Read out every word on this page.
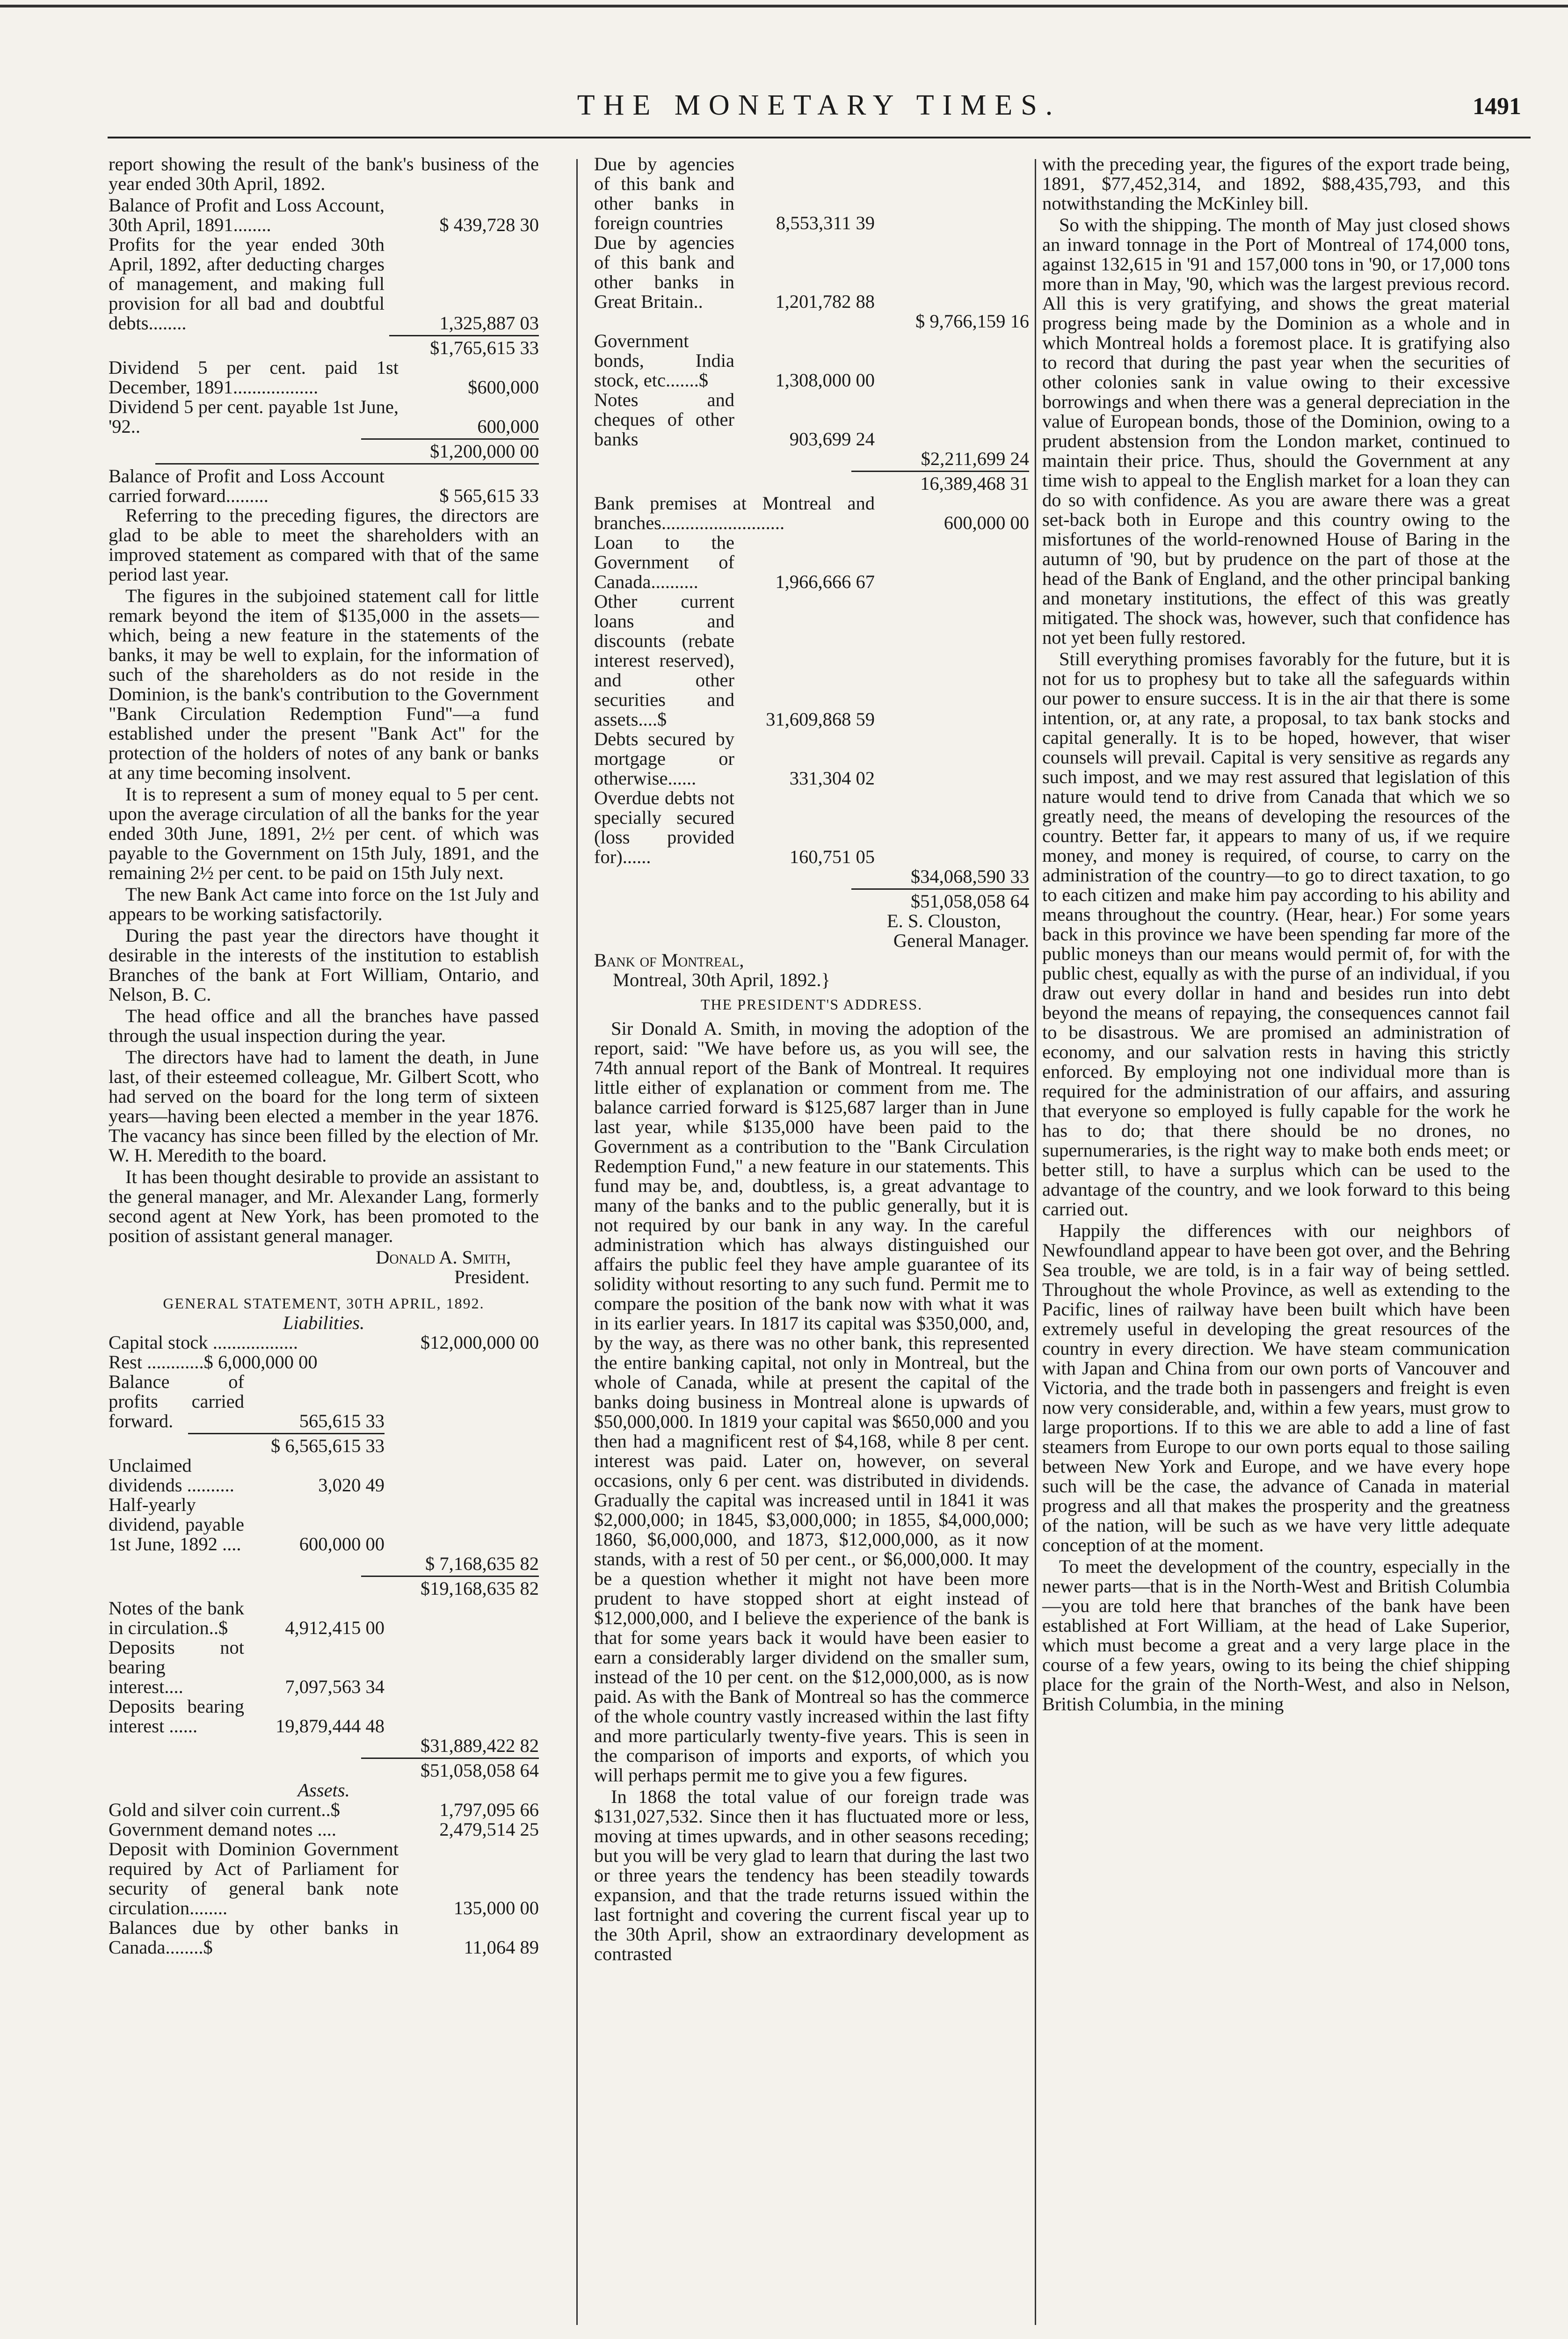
THE MONETARY TIMES.	1491

report showing the result of the bank's business of the year ended 30th April, 1892.

Balance of Profit and Loss Account, 30th April, 1891........	$ 439,728 30
Profits for the year ended 30th April, 1892, after deducting charges of management, and making full provision for all bad and doubtful debts........	1,325,887 03
$1,765,615 33
Dividend 5 per cent. paid 1st December, 1891..................	$600,000
Dividend 5 per cent. payable 1st June, '92..	600,000
$1,200,000 00
Balance of Profit and Loss Account carried forward.........	$ 565,615 33

Referring to the preceding figures, the directors are glad to be able to meet the shareholders with an improved statement as compared with that of the same period last year.

The figures in the subjoined statement call for little remark beyond the item of $135,000 in the assets—which, being a new feature in the statements of the banks, it may be well to explain, for the information of such of the shareholders as do not reside in the Dominion, is the bank's contribution to the Government "Bank Circulation Redemption Fund"—a fund established under the present "Bank Act" for the protection of the holders of notes of any bank or banks at any time becoming insolvent.

It is to represent a sum of money equal to 5 per cent. upon the average circulation of all the banks for the year ended 30th June, 1891, 2½ per cent. of which was payable to the Government on 15th July, 1891, and the remaining 2½ per cent. to be paid on 15th July next.

The new Bank Act came into force on the 1st July and appears to be working satisfactorily.

During the past year the directors have thought it desirable in the interests of the institution to establish Branches of the bank at Fort William, Ontario, and Nelson, B. C.

The head office and all the branches have passed through the usual inspection during the year.

The directors have had to lament the death, in June last, of their esteemed colleague, Mr. Gilbert Scott, who had served on the board for the long term of sixteen years—having been elected a member in the year 1876. The vacancy has since been filled by the election of Mr. W. H. Meredith to the board.

It has been thought desirable to provide an assistant to the general manager, and Mr. Alexander Lang, formerly second agent at New York, has been promoted to the position of assistant general manager.

Donald A. Smith,
President.
GENERAL STATEMENT, 30TH APRIL, 1892.
Liabilities.
Capital stock ..................	$12,000,000 00
Rest ............$ 6,000,000 00
Balance of profits carried forward.	565,615 33
$ 6,565,615 33
Unclaimed dividends ..........	3,020 49
Half-yearly dividend, payable 1st June, 1892 ....	600,000 00
$ 7,168,635 82
$19,168,635 82
Notes of the bank in circulation..$	4,912,415 00
Deposits not bearing interest....	7,097,563 34
Deposits bearing interest ......	19,879,444 48
$31,889,422 82
$51,058,058 64
Assets.
Gold and silver coin current..$	1,797,095 66
Government demand notes ....	2,479,514 25
Deposit with Dominion Government required by Act of Parliament for security of general bank note circulation........	135,000 00
Balances due by other banks in Canada........$	11,064 89
Due by agencies of this bank and other banks in foreign countries	8,553,311 39
Due by agencies of this bank and other banks in Great Britain..	1,201,782 88
$ 9,766,159 16
Government bonds, India stock, etc.......$	1,308,000 00
Notes and cheques of other banks	903,699 24
$2,211,699 24
16,389,468 31
Bank premises at Montreal and branches..........................	600,000 00
Loan to the Government of Canada..........	1,966,666 67
Other current loans and discounts (rebate interest reserved), and other securities and assets....$	31,609,868 59
Debts secured by mortgage or otherwise......	331,304 02
Overdue debts not specially secured (loss provided for)......	160,751 05
$34,068,590 33
$51,058,058 64
E. S. Clouston,
General Manager.
Bank of Montreal,
Montreal, 30th April, 1892.}
THE PRESIDENT'S ADDRESS.

Sir Donald A. Smith, in moving the adoption of the report, said: "We have before us, as you will see, the 74th annual report of the Bank of Montreal. It requires little either of explanation or comment from me. The balance carried forward is $125,687 larger than in June last year, while $135,000 have been paid to the Government as a contribution to the "Bank Circulation Redemption Fund," a new feature in our statements. This fund may be, and, doubtless, is, a great advantage to many of the banks and to the public generally, but it is not required by our bank in any way. In the careful administration which has always distinguished our affairs the public feel they have ample guarantee of its solidity without resorting to any such fund. Permit me to compare the position of the bank now with what it was in its earlier years. In 1817 its capital was $350,000, and, by the way, as there was no other bank, this represented the entire banking capital, not only in Montreal, but the whole of Canada, while at present the capital of the banks doing business in Montreal alone is upwards of $50,000,000. In 1819 your capital was $650,000 and you then had a magnificent rest of $4,168, while 8 per cent. interest was paid. Later on, however, on several occasions, only 6 per cent. was distributed in dividends. Gradually the capital was increased until in 1841 it was $2,000,000; in 1845, $3,000,000; in 1855, $4,000,000; 1860, $6,000,000, and 1873, $12,000,000, as it now stands, with a rest of 50 per cent., or $6,000,000. It may be a question whether it might not have been more prudent to have stopped short at eight instead of $12,000,000, and I believe the experience of the bank is that for some years back it would have been easier to earn a considerably larger dividend on the smaller sum, instead of the 10 per cent. on the $12,000,000, as is now paid. As with the Bank of Montreal so has the commerce of the whole country vastly increased within the last fifty and more particularly twenty-five years. This is seen in the comparison of imports and exports, of which you will perhaps permit me to give you a few figures.

In 1868 the total value of our foreign trade was $131,027,532. Since then it has fluctuated more or less, moving at times upwards, and in other seasons receding; but you will be very glad to learn that during the last two or three years the tendency has been steadily towards expansion, and that the trade returns issued within the last fortnight and covering the current fiscal year up to the 30th April, show an extraordinary development as contrasted

with the preceding year, the figures of the export trade being, 1891, $77,452,314, and 1892, $88,435,793, and this notwithstanding the McKinley bill.

So with the shipping. The month of May just closed shows an inward tonnage in the Port of Montreal of 174,000 tons, against 132,615 in '91 and 157,000 tons in '90, or 17,000 tons more than in May, '90, which was the largest previous record. All this is very gratifying, and shows the great material progress being made by the Dominion as a whole and in which Montreal holds a foremost place. It is gratifying also to record that during the past year when the securities of other colonies sank in value owing to their excessive borrowings and when there was a general depreciation in the value of European bonds, those of the Dominion, owing to a prudent abstension from the London market, continued to maintain their price. Thus, should the Government at any time wish to appeal to the English market for a loan they can do so with confidence. As you are aware there was a great set-back both in Europe and this country owing to the misfortunes of the world-renowned House of Baring in the autumn of '90, but by prudence on the part of those at the head of the Bank of England, and the other principal banking and monetary institutions, the effect of this was greatly mitigated. The shock was, however, such that confidence has not yet been fully restored.

Still everything promises favorably for the future, but it is not for us to prophesy but to take all the safeguards within our power to ensure success. It is in the air that there is some intention, or, at any rate, a proposal, to tax bank stocks and capital generally. It is to be hoped, however, that wiser counsels will prevail. Capital is very sensitive as regards any such impost, and we may rest assured that legislation of this nature would tend to drive from Canada that which we so greatly need, the means of developing the resources of the country. Better far, it appears to many of us, if we require money, and money is required, of course, to carry on the administration of the country—to go to direct taxation, to go to each citizen and make him pay according to his ability and means throughout the country. (Hear, hear.) For some years back in this province we have been spending far more of the public moneys than our means would permit of, for with the public chest, equally as with the purse of an individual, if you draw out every dollar in hand and besides run into debt beyond the means of repaying, the consequences cannot fail to be disastrous. We are promised an administration of economy, and our salvation rests in having this strictly enforced. By employing not one individual more than is required for the administration of our affairs, and assuring that everyone so employed is fully capable for the work he has to do; that there should be no drones, no supernumeraries, is the right way to make both ends meet; or better still, to have a surplus which can be used to the advantage of the country, and we look forward to this being carried out.

Happily the differences with our neighbors of Newfoundland appear to have been got over, and the Behring Sea trouble, we are told, is in a fair way of being settled. Throughout the whole Province, as well as extending to the Pacific, lines of railway have been built which have been extremely useful in developing the great resources of the country in every direction. We have steam communication with Japan and China from our own ports of Vancouver and Victoria, and the trade both in passengers and freight is even now very considerable, and, within a few years, must grow to large proportions. If to this we are able to add a line of fast steamers from Europe to our own ports equal to those sailing between New York and Europe, and we have every hope such will be the case, the advance of Canada in material progress and all that makes the prosperity and the greatness of the nation, will be such as we have very little adequate conception of at the moment.

To meet the development of the country, especially in the newer parts—that is in the North-West and British Columbia—you are told here that branches of the bank have been established at Fort William, at the head of Lake Superior, which must become a great and a very large place in the course of a few years, owing to its being the chief shipping place for the grain of the North-West, and also in Nelson, British Columbia, in the mining
